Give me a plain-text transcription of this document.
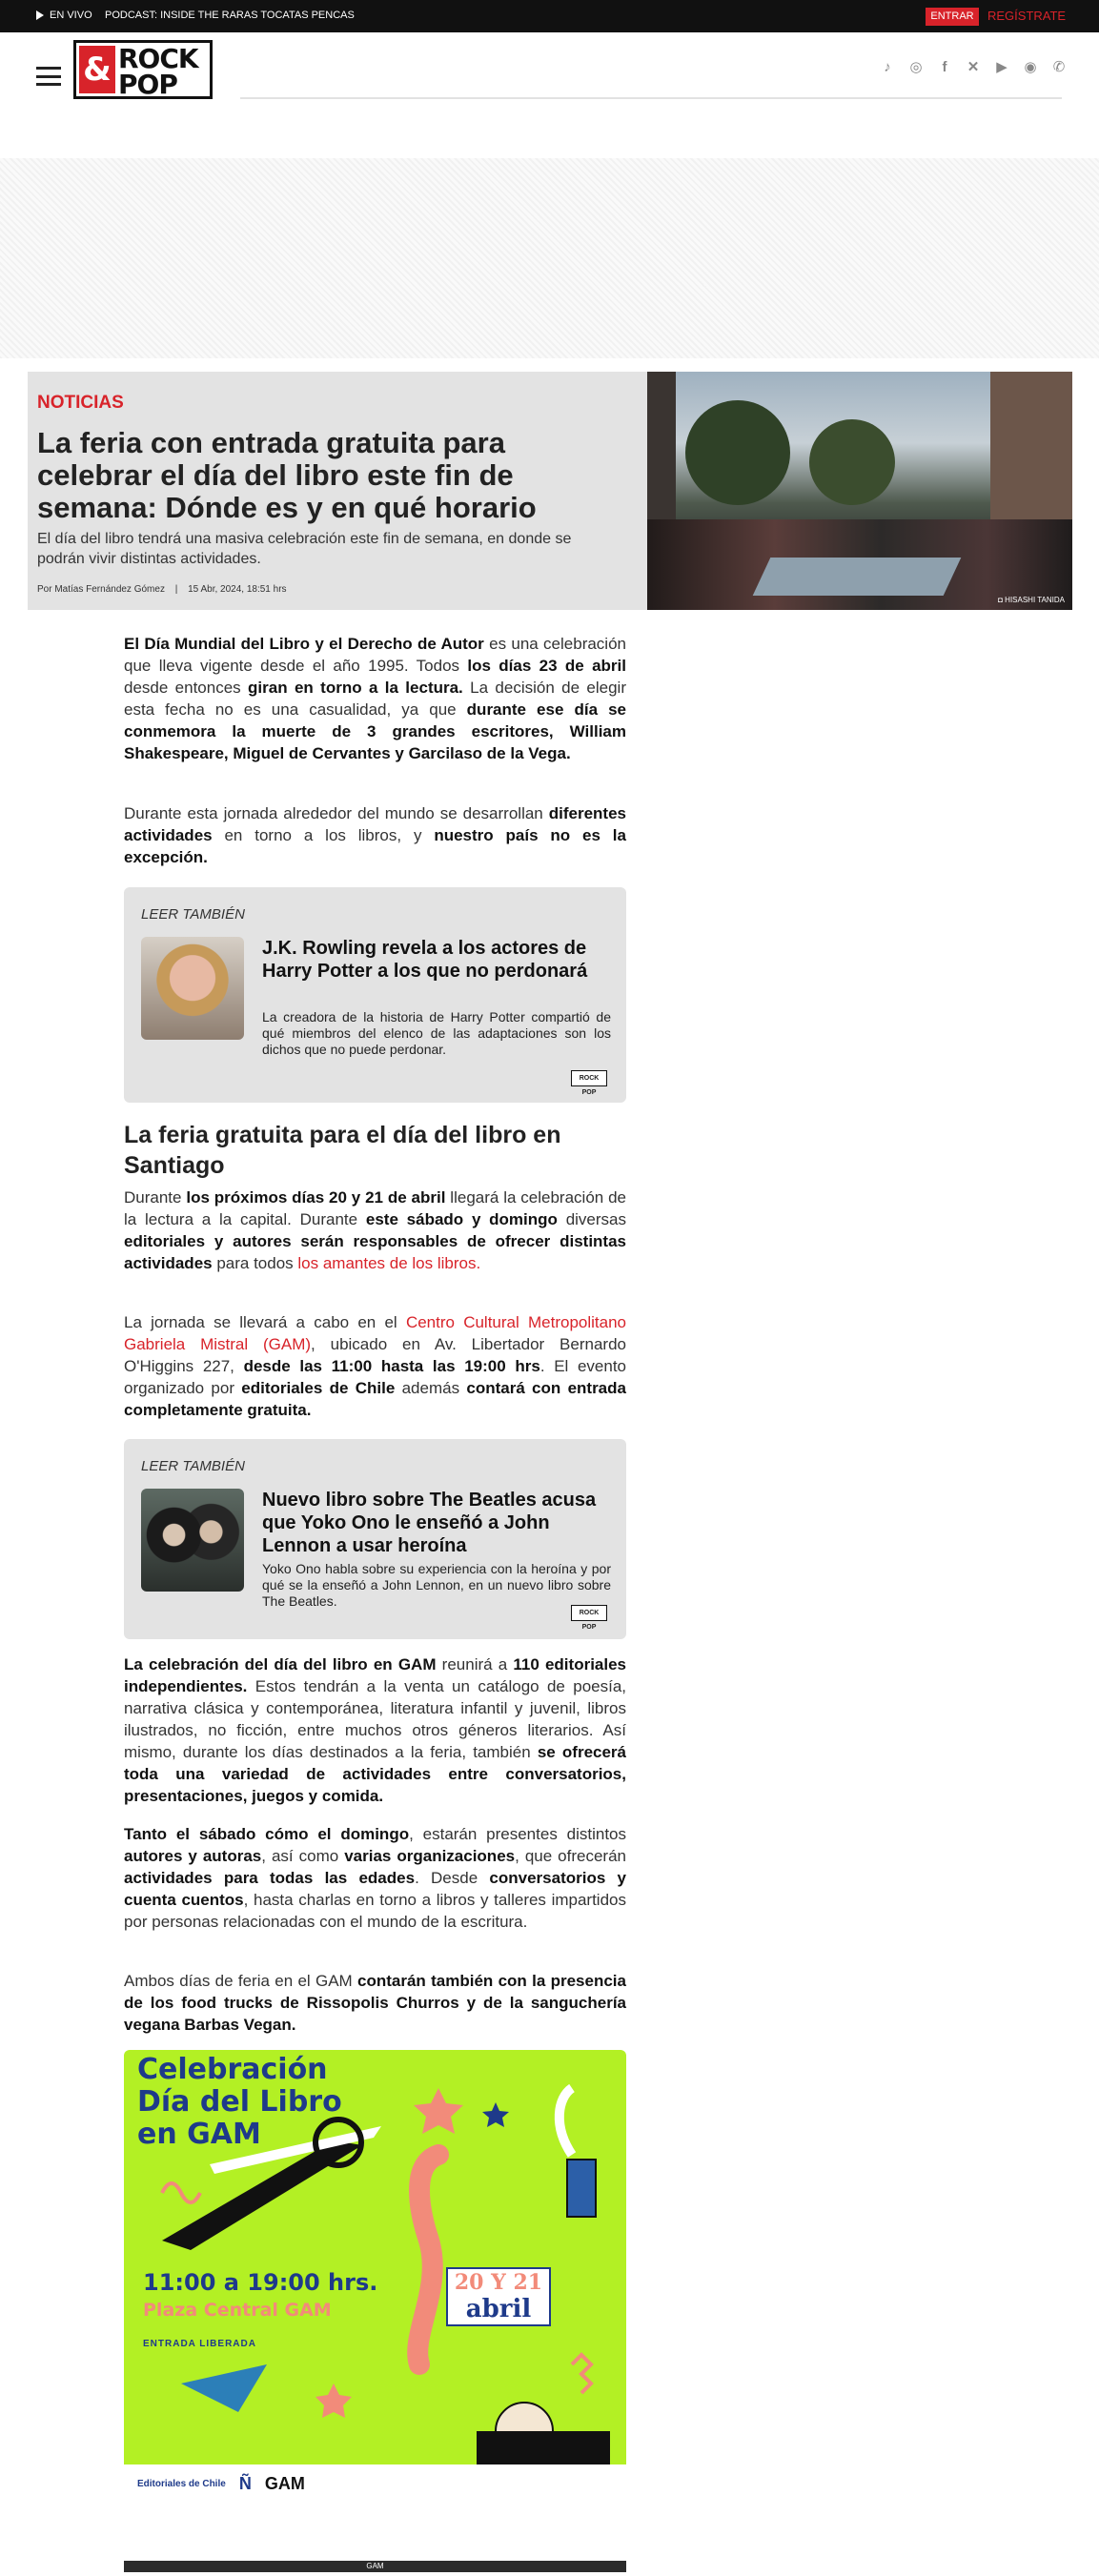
EN VIVO PODCAST: INSIDE THE RARAS TOCATAS PENCAS	ENTRAR	REGÍSTRATE
& ROCK
POP
♪	◎	f	✕ ▶ ◉ ✆
NOTICIAS
La feria con entrada gratuita para celebrar el día del libro este fin de semana: Dónde es y en qué horario
El día del libro tendrá una masiva celebración este fin de semana, en donde se podrán vivir distintas actividades.
Por Matías Fernández Gómez | 15 Abr, 2024, 18:51 hrs
◘ HISASHI TANIDA
El Día Mundial del Libro y el Derecho de Autor es una celebración que lleva vigente desde el año 1995. Todos los días 23 de abril desde entonces giran en torno a la lectura. La decisión de elegir esta fecha no es una casualidad, ya que durante ese día se conmemora la muerte de 3 grandes escritores, William Shakespeare, Miguel de Cervantes y Garcilaso de la Vega.
Durante esta jornada alrededor del mundo se desarrollan diferentes actividades en torno a los libros, y nuestro país no es la excepción.
LEER TAMBIÉN
J.K. Rowling revela a los actores de Harry Potter a los que no perdonará
La creadora de la historia de Harry Potter compartió de qué miembros del elenco de las adaptaciones son los dichos que no puede perdonar.
ROCK POP
La feria gratuita para el día del libro en Santiago
Durante los próximos días 20 y 21 de abril llegará la celebración de la lectura a la capital. Durante este sábado y domingo diversas editoriales y autores serán responsables de ofrecer distintas actividades para todos los amantes de los libros.
La jornada se llevará a cabo en el Centro Cultural Metropolitano Gabriela Mistral (GAM), ubicado en Av. Libertador Bernardo O'Higgins 227, desde las 11:00 hasta las 19:00 hrs. El evento organizado por editoriales de Chile además contará con entrada completamente gratuita.
LEER TAMBIÉN
Nuevo libro sobre The Beatles acusa que Yoko Ono le enseñó a John Lennon a usar heroína
Yoko Ono habla sobre su experiencia con la heroína y por qué se la enseñó a John Lennon, en un nuevo libro sobre The Beatles.
ROCK POP
La celebración del día del libro en GAM reunirá a 110 editoriales independientes. Estos tendrán a la venta un catálogo de poesía, narrativa clásica y contemporánea, literatura infantil y juvenil, libros ilustrados, no ficción, entre muchos otros géneros literarios. Así mismo, durante los días destinados a la feria, también se ofrecerá toda una variedad de actividades entre conversatorios, presentaciones, juegos y comida.
Tanto el sábado cómo el domingo, estarán presentes distintos autores y autoras, así como varias organizaciones, que ofrecerán actividades para todas las edades. Desde conversatorios y cuenta cuentos, hasta charlas en torno a libros y talleres impartidos por personas relacionadas con el mundo de la escritura.
Ambos días de feria en el GAM contarán también con la presencia de los food trucks de Rissopolis Churros y de la sanguchería vegana Barbas Vegan.
Celebración
Día del Libro
en GAM
11:00 a 19:00 hrs.
Plaza Central GAM
ENTRADA LIBERADA
20 Y 21
abril
Editoriales de Chile Ñ GAM
GAM
